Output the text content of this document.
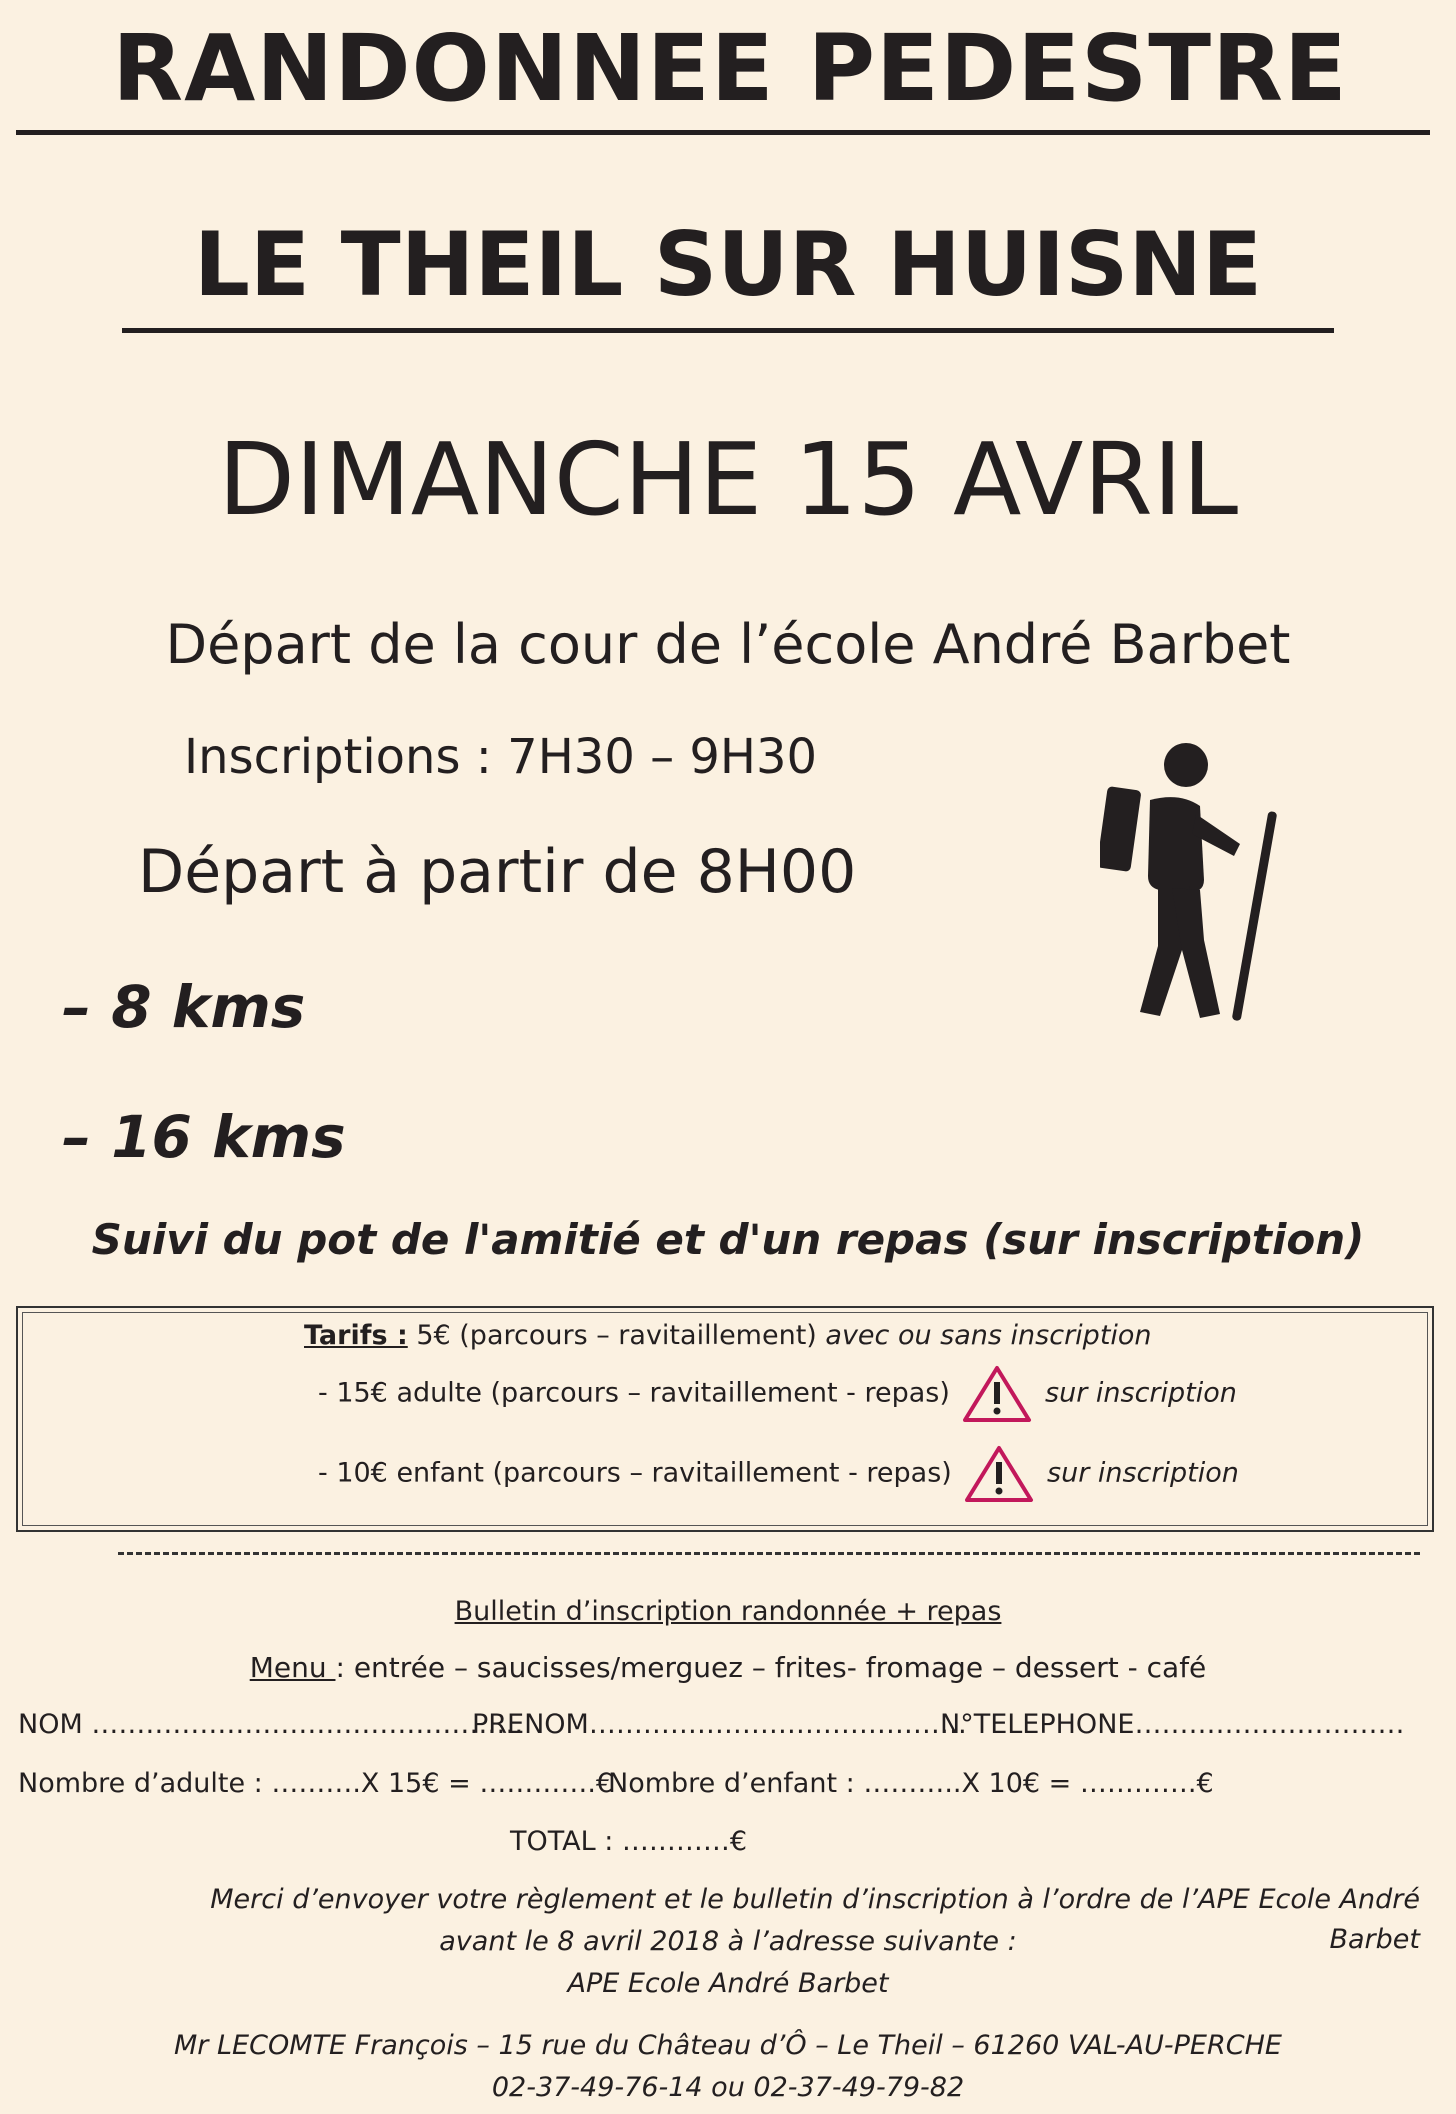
RANDONNEE PEDESTRE
LE THEIL SUR HUISNE
DIMANCHE 15 AVRIL
Départ de la cour de l’école André Barbet
Inscriptions : 7H30 – 9H30
Départ à partir de 8H00
– 8 kms
– 16 kms
Suivi du pot de l'amitié et d'un repas (sur inscription)
Tarifs : 5€ (parcours – ravitaillement) avec ou sans inscription
- 15€ adulte (parcours – ravitaillement - repas)	sur inscription
- 10€ enfant (parcours – ravitaillement - repas)	sur inscription
Bulletin d’inscription randonnée + repas
Menu : entrée – saucisses/merguez – frites- fromage – dessert - café
NOM …………………………………………
PRENOM……………………………………
N°TELEPHONE…………………………
Nombre d’adulte : ……….X 15€ = ………….€
Nombre d’enfant : ………..X 10€ = ………….€
TOTAL : …………€
Merci d’envoyer votre règlement et le bulletin d’inscription à l’ordre de l’APE Ecole André Barbet
avant le 8 avril 2018 à l’adresse suivante :
APE Ecole André Barbet
Mr LECOMTE François – 15 rue du Château d’Ô – Le Theil – 61260 VAL-AU-PERCHE
02-37-49-76-14 ou 02-37-49-79-82
